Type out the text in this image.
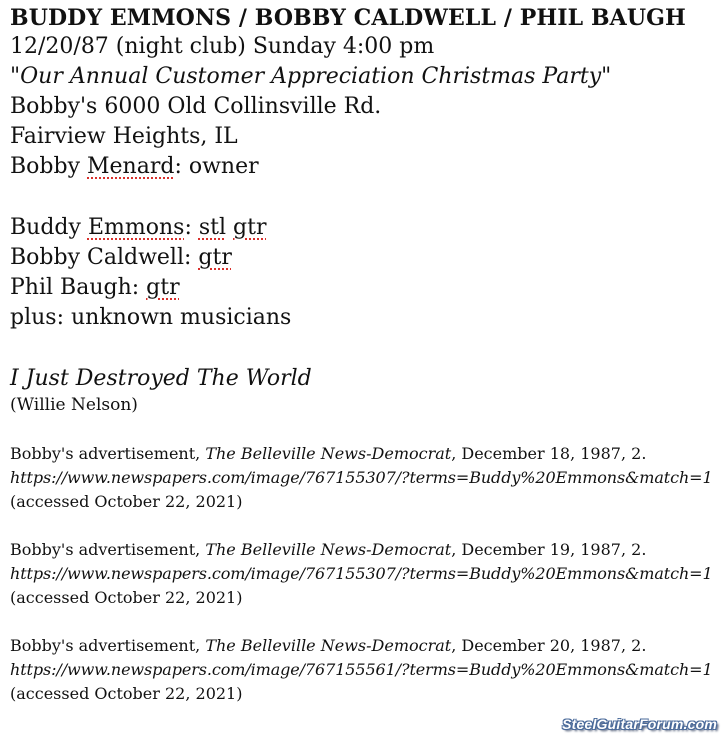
BUDDY EMMONS / BOBBY CALDWELL / PHIL BAUGH
12/20/87 (night club) Sunday 4:00 pm
"Our Annual Customer Appreciation Christmas Party"
Bobby's 6000 Old Collinsville Rd.
Fairview Heights, IL
Bobby Menard: owner
Buddy Emmons: stl gtr
Bobby Caldwell: gtr
Phil Baugh: gtr
plus: unknown musicians
I Just Destroyed The World
(Willie Nelson)
Bobby's advertisement, The Belleville News-Democrat, December 18, 1987, 2.
https://www.newspapers.com/image/767155307/?terms=Buddy%20Emmons&match=1
(accessed October 22, 2021)
Bobby's advertisement, The Belleville News-Democrat, December 19, 1987, 2.
https://www.newspapers.com/image/767155307/?terms=Buddy%20Emmons&match=1
(accessed October 22, 2021)
Bobby's advertisement, The Belleville News-Democrat, December 20, 1987, 2.
https://www.newspapers.com/image/767155561/?terms=Buddy%20Emmons&match=1
(accessed October 22, 2021)
SteelGuitarForum.com
